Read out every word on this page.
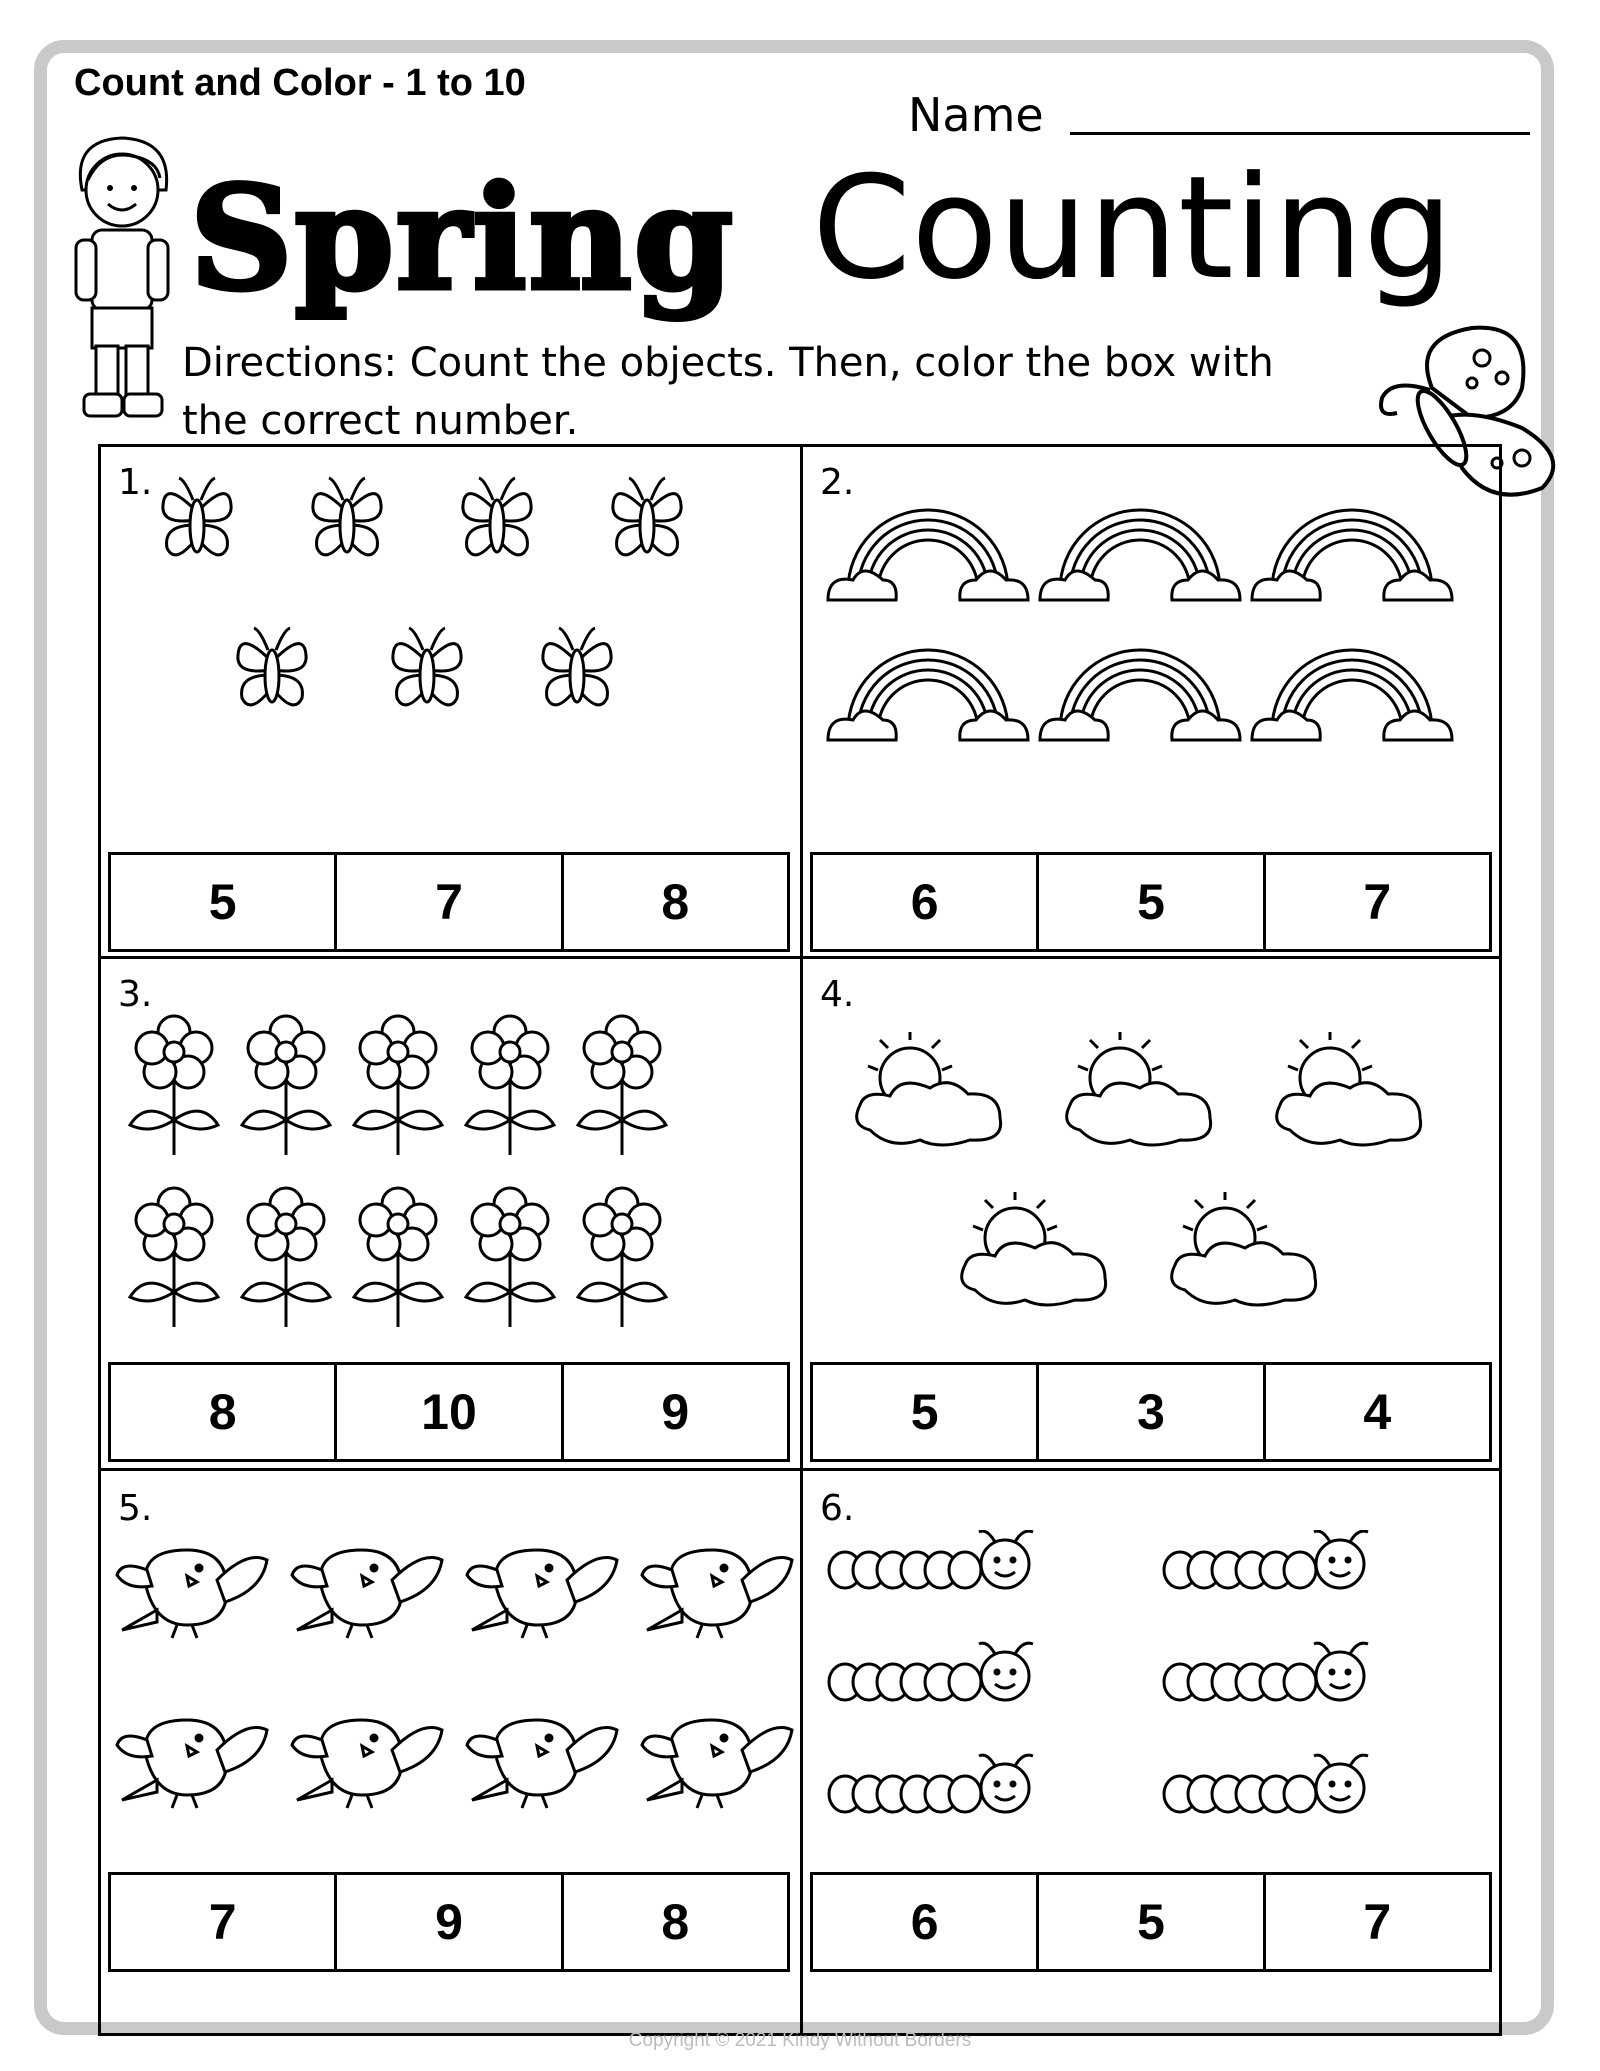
Count and Color - 1 to 10
Name
Spring Counting
Directions: Count the objects. Then, color the box with the correct number.
1.
5	7	8
2.
6	5	7
3.
8	10	9
4.
5	3	4
5.
7	9	8
6.
6	5	7
Copyright © 2021 Kindy Without Borders
